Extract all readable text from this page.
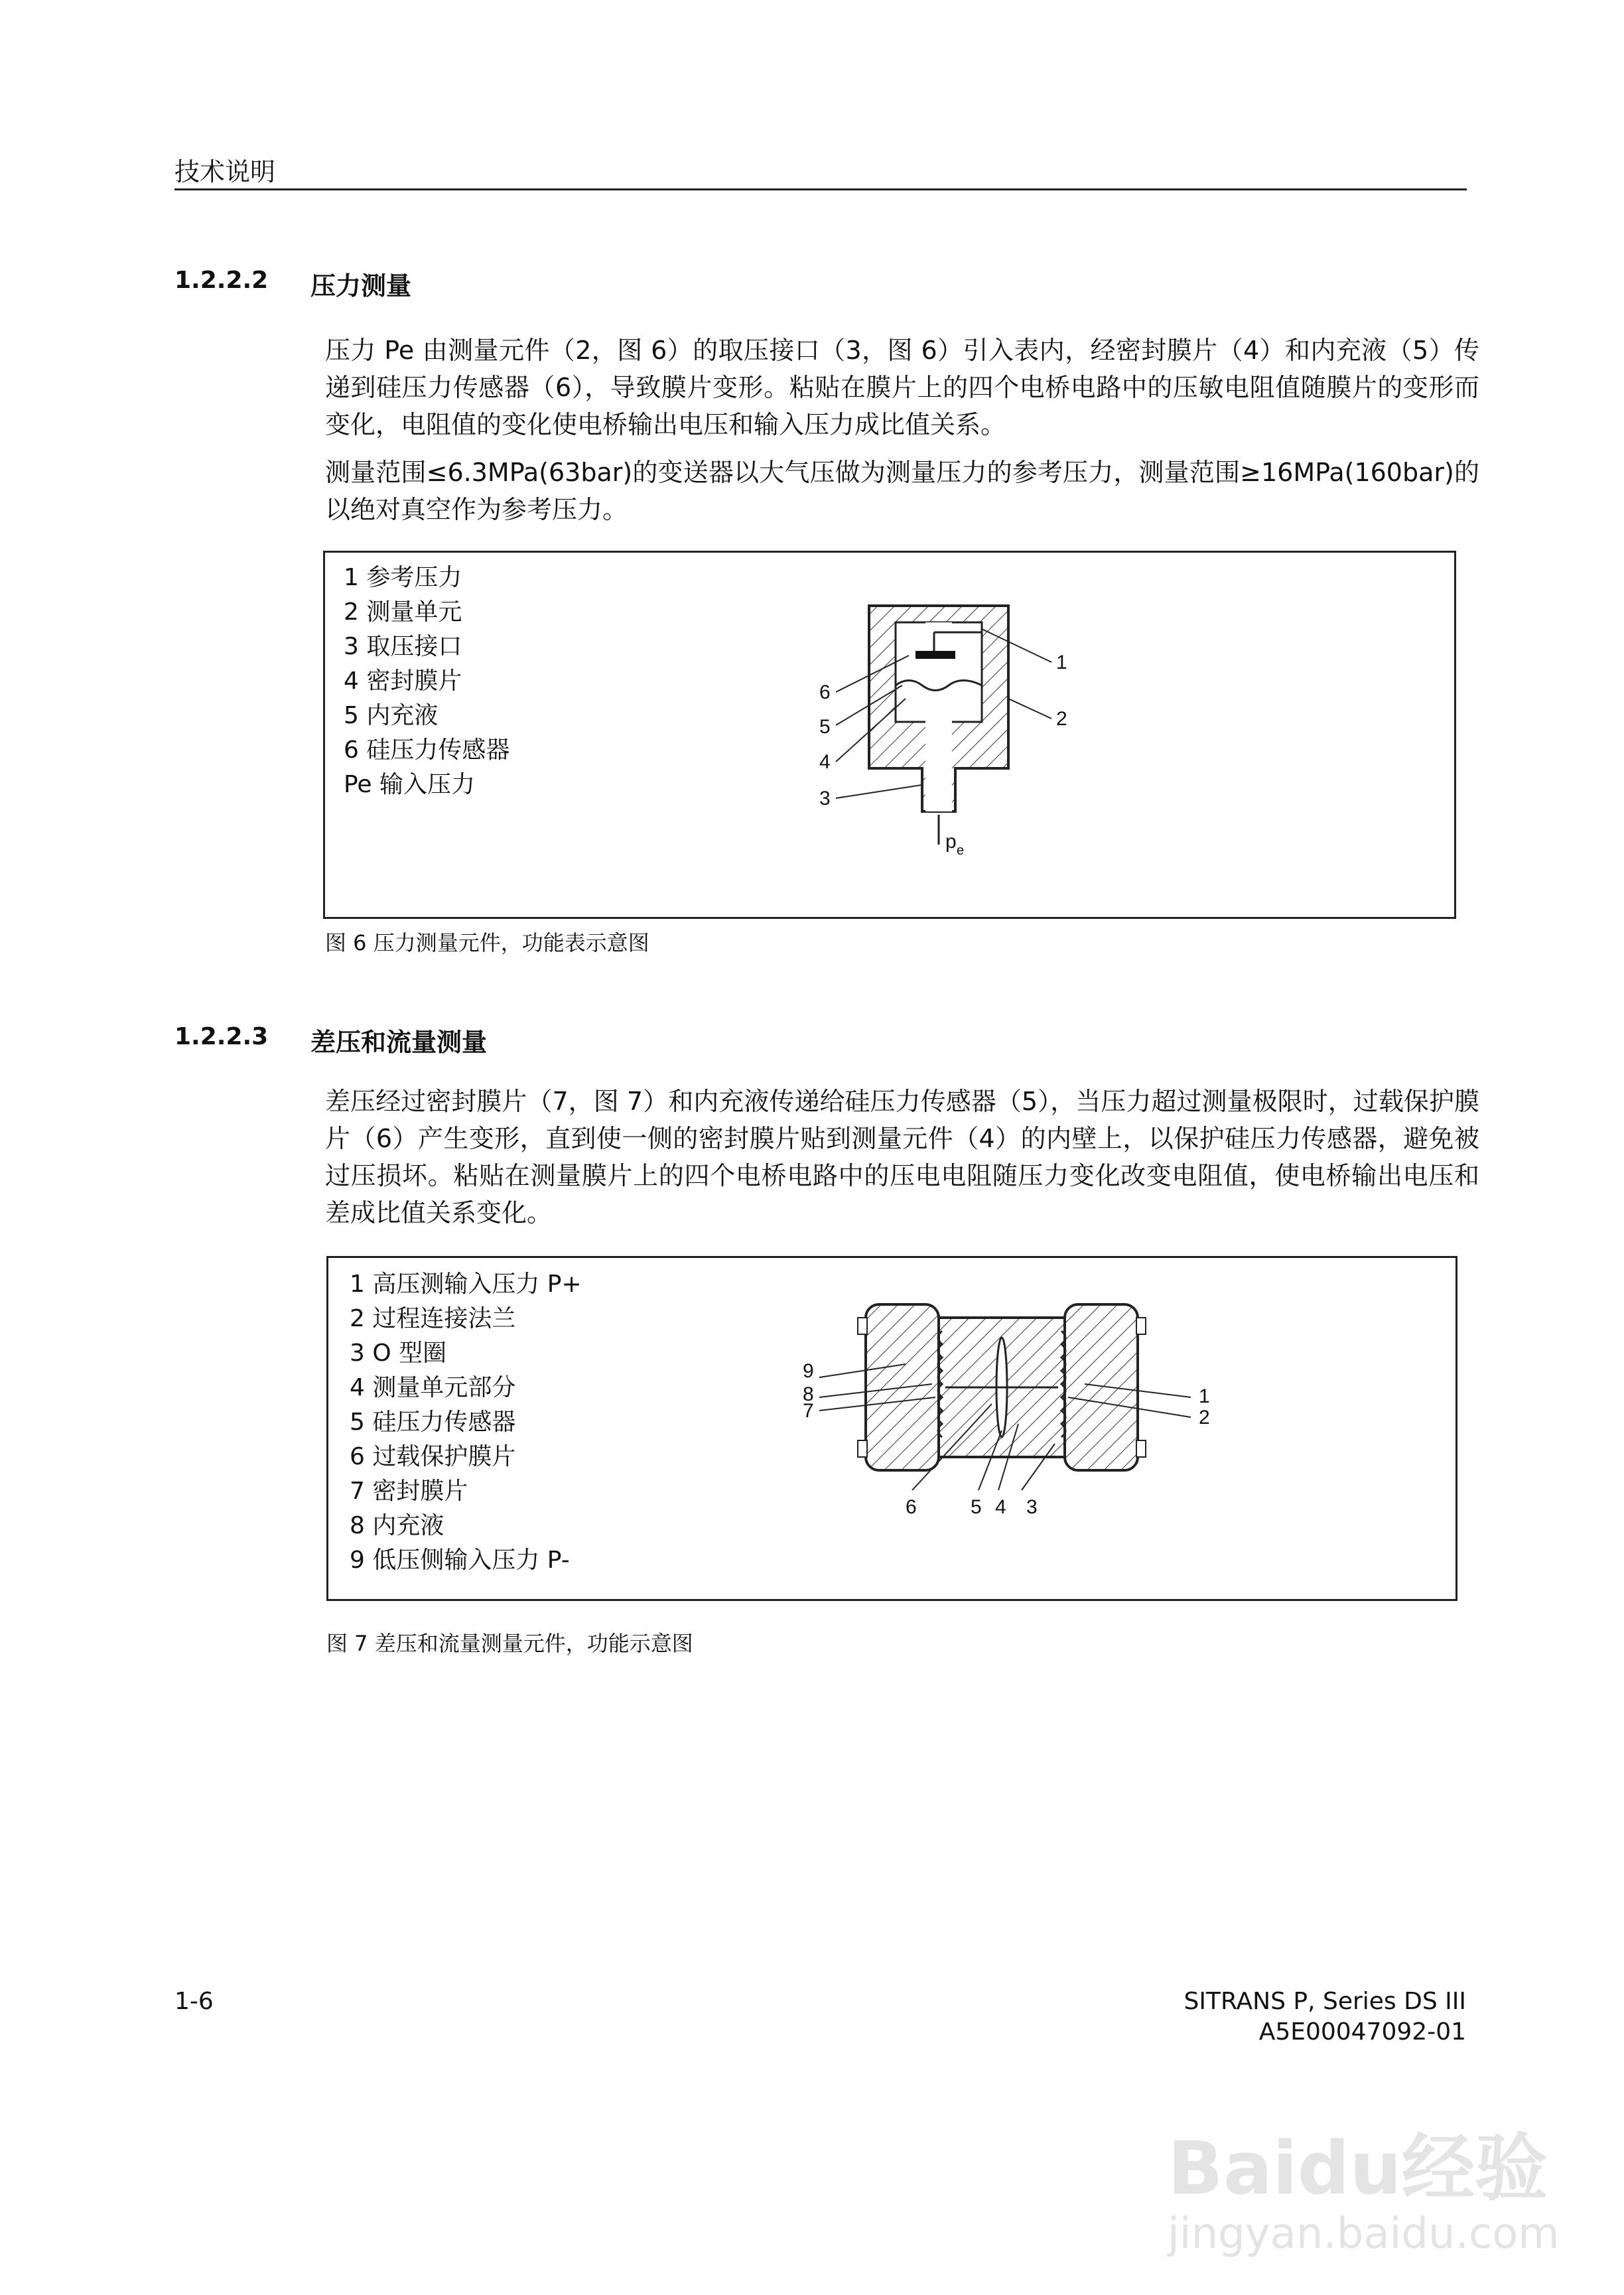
技术说明
1.2.2.2 压力测量
压力 Pe 由测量元件（2，图 6）的取压接口（3，图 6）引入表内，经密封膜片（4）和内充液（5）传递到硅压力传感器（6），导致膜片变形。粘贴在膜片上的四个电桥电路中的压敏电阻值随膜片的变形而变化，电阻值的变化使电桥输出电压和输入压力成比值关系。
测量范围≤6.3MPa(63bar)的变送器以大气压做为测量压力的参考压力，测量范围≥16MPa(160bar)的以绝对真空作为参考压力。
1 参考压力
2 测量单元
3 取压接口
4 密封膜片
5 内充液
6 硅压力传感器
Pe 输入压力
1
2
3
4
5
6
p e
图 6 压力测量元件，功能表示意图
1.2.2.3 差压和流量测量
差压经过密封膜片（7，图 7）和内充液传递给硅压力传感器（5），当压力超过测量极限时，过载保护膜片（6）产生变形，直到使一侧的密封膜片贴到测量元件（4）的内壁上，以保护硅压力传感器，避免被过压损坏。粘贴在测量膜片上的四个电桥电路中的压电电阻随压力变化改变电阻值，使电桥输出电压和差成比值关系变化。
1 高压测输入压力 P+
2 过程连接法兰
3 O 型圈
4 测量单元部分
5 硅压力传感器
6 过载保护膜片
7 密封膜片
8 内充液
9 低压侧输入压力 P-
1
2
3
4
5
6
7
8
9
图 7 差压和流量测量元件，功能示意图
1-6	SITRANS P, Series DS III
A5E00047092-01
Baidu经验
jingyan.baidu.com
